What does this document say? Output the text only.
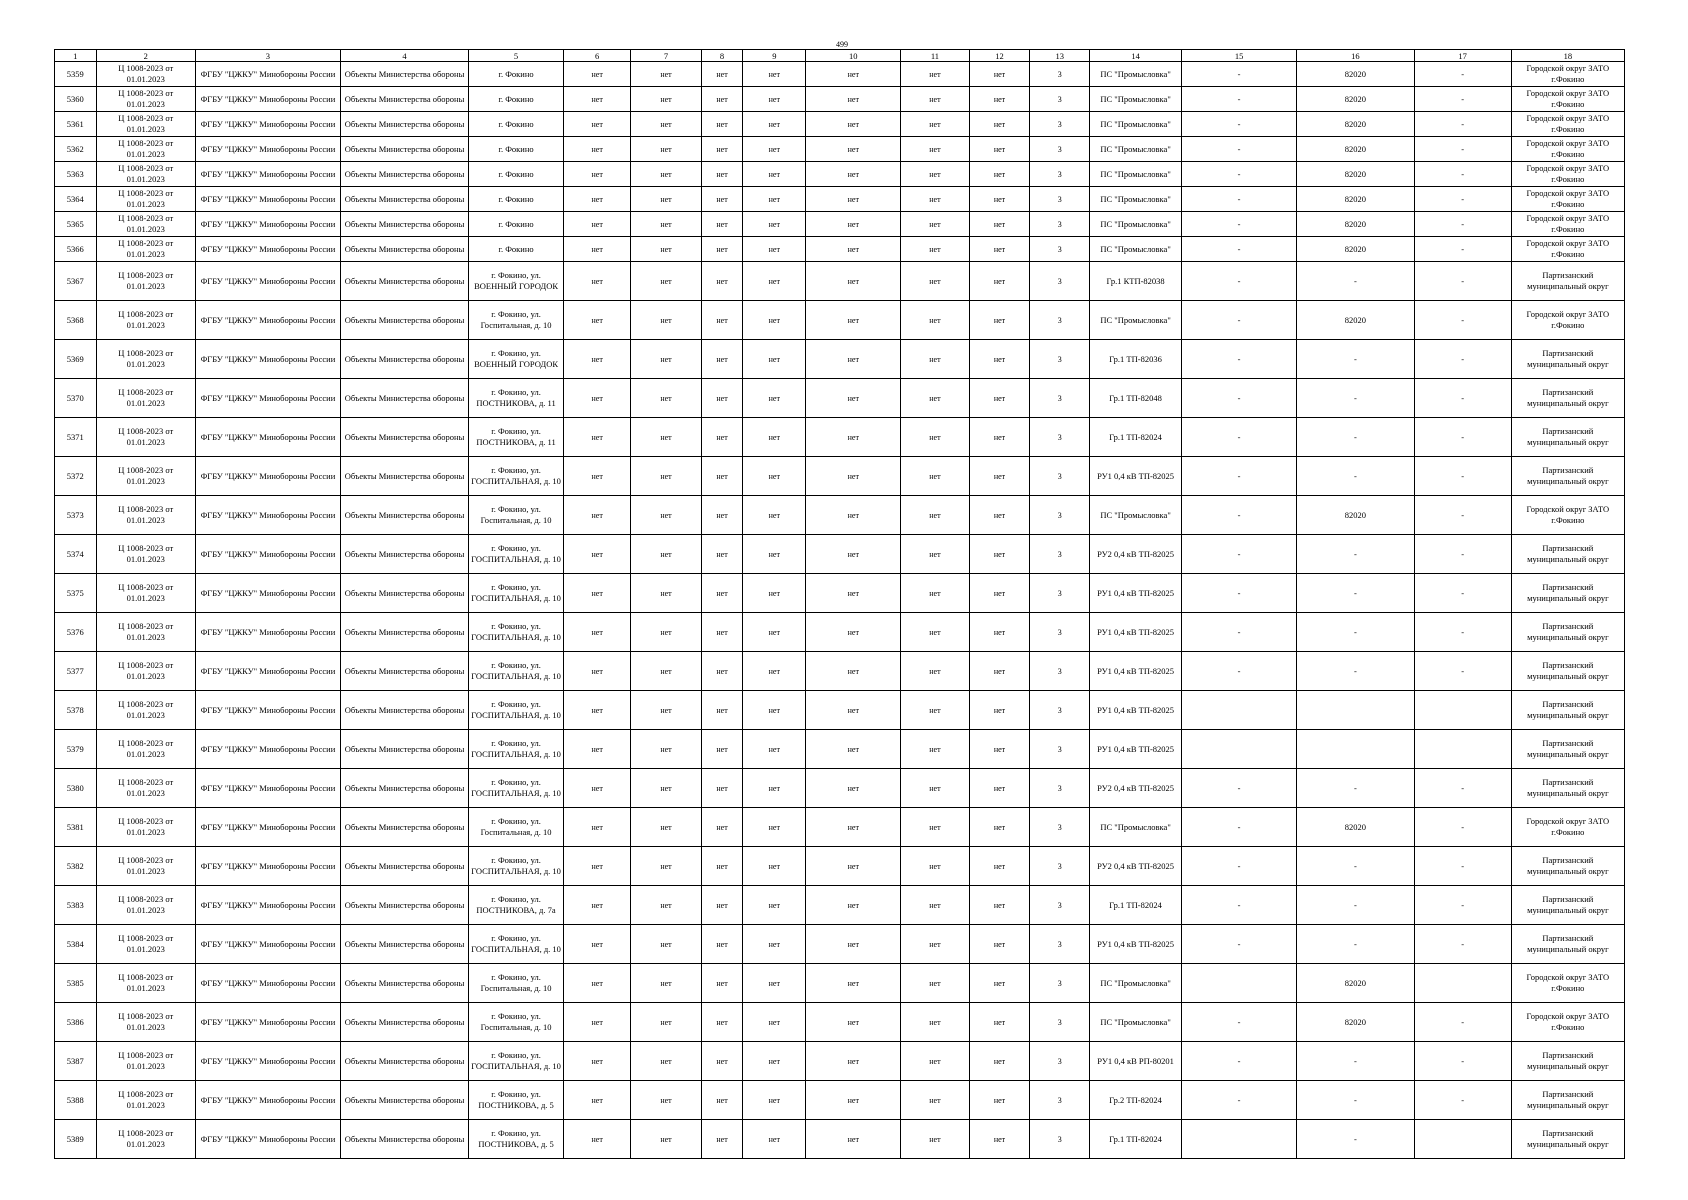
499
1	2	3	4	5	6	7	8	9	10	11	12	13	14	15	16	17	18
5359	Ц 1008-2023 от 01.01.2023	ФГБУ "ЦЖКУ" Минобороны России	Объекты Министерства обороны	г. Фокино	нет	нет	нет	нет	нет	нет	нет	3	ПС "Промысловка"	-	82020	-	Городской округ ЗАТО г.Фокино
5360	Ц 1008-2023 от 01.01.2023	ФГБУ "ЦЖКУ" Минобороны России	Объекты Министерства обороны	г. Фокино	нет	нет	нет	нет	нет	нет	нет	3	ПС "Промысловка"	-	82020	-	Городской округ ЗАТО г.Фокино
5361	Ц 1008-2023 от 01.01.2023	ФГБУ "ЦЖКУ" Минобороны России	Объекты Министерства обороны	г. Фокино	нет	нет	нет	нет	нет	нет	нет	3	ПС "Промысловка"	-	82020	-	Городской округ ЗАТО г.Фокино
5362	Ц 1008-2023 от 01.01.2023	ФГБУ "ЦЖКУ" Минобороны России	Объекты Министерства обороны	г. Фокино	нет	нет	нет	нет	нет	нет	нет	3	ПС "Промысловка"	-	82020	-	Городской округ ЗАТО г.Фокино
5363	Ц 1008-2023 от 01.01.2023	ФГБУ "ЦЖКУ" Минобороны России	Объекты Министерства обороны	г. Фокино	нет	нет	нет	нет	нет	нет	нет	3	ПС "Промысловка"	-	82020	-	Городской округ ЗАТО г.Фокино
5364	Ц 1008-2023 от 01.01.2023	ФГБУ "ЦЖКУ" Минобороны России	Объекты Министерства обороны	г. Фокино	нет	нет	нет	нет	нет	нет	нет	3	ПС "Промысловка"	-	82020	-	Городской округ ЗАТО г.Фокино
5365	Ц 1008-2023 от 01.01.2023	ФГБУ "ЦЖКУ" Минобороны России	Объекты Министерства обороны	г. Фокино	нет	нет	нет	нет	нет	нет	нет	3	ПС "Промысловка"	-	82020	-	Городской округ ЗАТО г.Фокино
5366	Ц 1008-2023 от 01.01.2023	ФГБУ "ЦЖКУ" Минобороны России	Объекты Министерства обороны	г. Фокино	нет	нет	нет	нет	нет	нет	нет	3	ПС "Промысловка"	-	82020	-	Городской округ ЗАТО г.Фокино
5367	Ц 1008-2023 от 01.01.2023	ФГБУ "ЦЖКУ" Минобороны России	Объекты Министерства обороны	г. Фокино, ул. ВОЕННЫЙ ГОРОДОК	нет	нет	нет	нет	нет	нет	нет	3	Гр.1 КТП-82038	-	-	-	Партизанский муниципальный округ
5368	Ц 1008-2023 от 01.01.2023	ФГБУ "ЦЖКУ" Минобороны России	Объекты Министерства обороны	г. Фокино, ул. Госпитальная, д. 10	нет	нет	нет	нет	нет	нет	нет	3	ПС "Промысловка"	-	82020	-	Городской округ ЗАТО г.Фокино
5369	Ц 1008-2023 от 01.01.2023	ФГБУ "ЦЖКУ" Минобороны России	Объекты Министерства обороны	г. Фокино, ул. ВОЕННЫЙ ГОРОДОК	нет	нет	нет	нет	нет	нет	нет	3	Гр.1 ТП-82036	-	-	-	Партизанский муниципальный округ
5370	Ц 1008-2023 от 01.01.2023	ФГБУ "ЦЖКУ" Минобороны России	Объекты Министерства обороны	г. Фокино, ул. ПОСТНИКОВА, д. 11	нет	нет	нет	нет	нет	нет	нет	3	Гр.1 ТП-82048	-	-	-	Партизанский муниципальный округ
5371	Ц 1008-2023 от 01.01.2023	ФГБУ "ЦЖКУ" Минобороны России	Объекты Министерства обороны	г. Фокино, ул. ПОСТНИКОВА, д. 11	нет	нет	нет	нет	нет	нет	нет	3	Гр.1 ТП-82024	-	-	-	Партизанский муниципальный округ
5372	Ц 1008-2023 от 01.01.2023	ФГБУ "ЦЖКУ" Минобороны России	Объекты Министерства обороны	г. Фокино, ул. ГОСПИТАЛЬНАЯ, д. 10	нет	нет	нет	нет	нет	нет	нет	3	РУ1 0,4 кВ ТП-82025	-	-	-	Партизанский муниципальный округ
5373	Ц 1008-2023 от 01.01.2023	ФГБУ "ЦЖКУ" Минобороны России	Объекты Министерства обороны	г. Фокино, ул. Госпитальная, д. 10	нет	нет	нет	нет	нет	нет	нет	3	ПС "Промысловка"	-	82020	-	Городской округ ЗАТО г.Фокино
5374	Ц 1008-2023 от 01.01.2023	ФГБУ "ЦЖКУ" Минобороны России	Объекты Министерства обороны	г. Фокино, ул. ГОСПИТАЛЬНАЯ, д. 10	нет	нет	нет	нет	нет	нет	нет	3	РУ2 0,4 кВ ТП-82025	-	-	-	Партизанский муниципальный округ
5375	Ц 1008-2023 от 01.01.2023	ФГБУ "ЦЖКУ" Минобороны России	Объекты Министерства обороны	г. Фокино, ул. ГОСПИТАЛЬНАЯ, д. 10	нет	нет	нет	нет	нет	нет	нет	3	РУ1 0,4 кВ ТП-82025	-	-	-	Партизанский муниципальный округ
5376	Ц 1008-2023 от 01.01.2023	ФГБУ "ЦЖКУ" Минобороны России	Объекты Министерства обороны	г. Фокино, ул. ГОСПИТАЛЬНАЯ, д. 10	нет	нет	нет	нет	нет	нет	нет	3	РУ1 0,4 кВ ТП-82025	-	-	-	Партизанский муниципальный округ
5377	Ц 1008-2023 от 01.01.2023	ФГБУ "ЦЖКУ" Минобороны России	Объекты Министерства обороны	г. Фокино, ул. ГОСПИТАЛЬНАЯ, д. 10	нет	нет	нет	нет	нет	нет	нет	3	РУ1 0,4 кВ ТП-82025	-	-	-	Партизанский муниципальный округ
5378	Ц 1008-2023 от 01.01.2023	ФГБУ "ЦЖКУ" Минобороны России	Объекты Министерства обороны	г. Фокино, ул. ГОСПИТАЛЬНАЯ, д. 10	нет	нет	нет	нет	нет	нет	нет	3	РУ1 0,4 кВ ТП-82025				Партизанский муниципальный округ
5379	Ц 1008-2023 от 01.01.2023	ФГБУ "ЦЖКУ" Минобороны России	Объекты Министерства обороны	г. Фокино, ул. ГОСПИТАЛЬНАЯ, д. 10	нет	нет	нет	нет	нет	нет	нет	3	РУ1 0,4 кВ ТП-82025				Партизанский муниципальный округ
5380	Ц 1008-2023 от 01.01.2023	ФГБУ "ЦЖКУ" Минобороны России	Объекты Министерства обороны	г. Фокино, ул. ГОСПИТАЛЬНАЯ, д. 10	нет	нет	нет	нет	нет	нет	нет	3	РУ2 0,4 кВ ТП-82025	-	-	-	Партизанский муниципальный округ
5381	Ц 1008-2023 от 01.01.2023	ФГБУ "ЦЖКУ" Минобороны России	Объекты Министерства обороны	г. Фокино, ул. Госпитальная, д. 10	нет	нет	нет	нет	нет	нет	нет	3	ПС "Промысловка"	-	82020	-	Городской округ ЗАТО г.Фокино
5382	Ц 1008-2023 от 01.01.2023	ФГБУ "ЦЖКУ" Минобороны России	Объекты Министерства обороны	г. Фокино, ул. ГОСПИТАЛЬНАЯ, д. 10	нет	нет	нет	нет	нет	нет	нет	3	РУ2 0,4 кВ ТП-82025	-	-	-	Партизанский муниципальный округ
5383	Ц 1008-2023 от 01.01.2023	ФГБУ "ЦЖКУ" Минобороны России	Объекты Министерства обороны	г. Фокино, ул. ПОСТНИКОВА, д. 7а	нет	нет	нет	нет	нет	нет	нет	3	Гр.1 ТП-82024	-	-	-	Партизанский муниципальный округ
5384	Ц 1008-2023 от 01.01.2023	ФГБУ "ЦЖКУ" Минобороны России	Объекты Министерства обороны	г. Фокино, ул. ГОСПИТАЛЬНАЯ, д. 10	нет	нет	нет	нет	нет	нет	нет	3	РУ1 0,4 кВ ТП-82025	-	-	-	Партизанский муниципальный округ
5385	Ц 1008-2023 от 01.01.2023	ФГБУ "ЦЖКУ" Минобороны России	Объекты Министерства обороны	г. Фокино, ул. Госпитальная, д. 10	нет	нет	нет	нет	нет	нет	нет	3	ПС "Промысловка"		82020		Городской округ ЗАТО г.Фокино
5386	Ц 1008-2023 от 01.01.2023	ФГБУ "ЦЖКУ" Минобороны России	Объекты Министерства обороны	г. Фокино, ул. Госпитальная, д. 10	нет	нет	нет	нет	нет	нет	нет	3	ПС "Промысловка"	-	82020	-	Городской округ ЗАТО г.Фокино
5387	Ц 1008-2023 от 01.01.2023	ФГБУ "ЦЖКУ" Минобороны России	Объекты Министерства обороны	г. Фокино, ул. ГОСПИТАЛЬНАЯ, д. 10	нет	нет	нет	нет	нет	нет	нет	3	РУ1 0,4 кВ РП-80201	-	-	-	Партизанский муниципальный округ
5388	Ц 1008-2023 от 01.01.2023	ФГБУ "ЦЖКУ" Минобороны России	Объекты Министерства обороны	г. Фокино, ул. ПОСТНИКОВА, д. 5	нет	нет	нет	нет	нет	нет	нет	3	Гр.2 ТП-82024	-	-	-	Партизанский муниципальный округ
5389	Ц 1008-2023 от 01.01.2023	ФГБУ "ЦЖКУ" Минобороны России	Объекты Министерства обороны	г. Фокино, ул. ПОСТНИКОВА, д. 5	нет	нет	нет	нет	нет	нет	нет	3	Гр.1 ТП-82024		-		Партизанский муниципальный округ
